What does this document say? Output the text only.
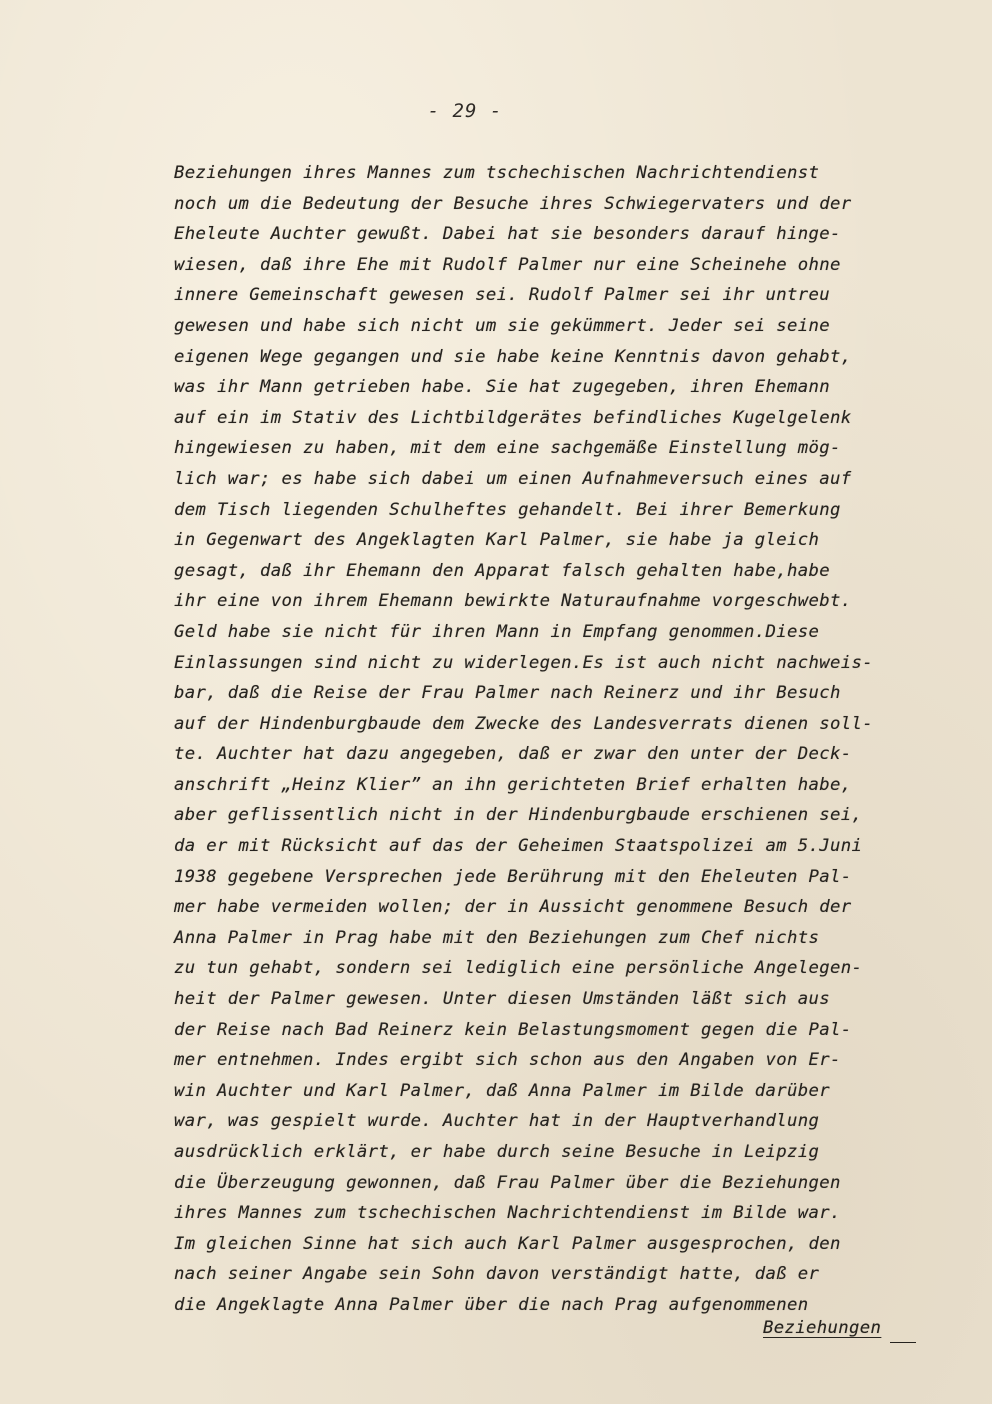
- 29 -
Beziehungen ihres Mannes zum tschechischen Nachrichtendienst
noch um die Bedeutung der Besuche ihres Schwiegervaters und der
Eheleute Auchter gewußt. Dabei hat sie besonders darauf hinge-
wiesen, daß ihre Ehe mit Rudolf Palmer nur eine Scheinehe ohne
innere Gemeinschaft gewesen sei. Rudolf Palmer sei ihr untreu
gewesen und habe sich nicht um sie gekümmert. Jeder sei seine
eigenen Wege gegangen und sie habe keine Kenntnis davon gehabt,
was ihr Mann getrieben habe. Sie hat zugegeben, ihren Ehemann
auf ein im Stativ des Lichtbildgerätes befindliches Kugelgelenk
hingewiesen zu haben, mit dem eine sachgemäße Einstellung mög-
lich war; es habe sich dabei um einen Aufnahmeversuch eines auf
dem Tisch liegenden Schulheftes gehandelt. Bei ihrer Bemerkung
in Gegenwart des Angeklagten Karl Palmer, sie habe ja gleich
gesagt, daß ihr Ehemann den Apparat falsch gehalten habe,habe
ihr eine von ihrem Ehemann bewirkte Naturaufnahme vorgeschwebt.
Geld habe sie nicht für ihren Mann in Empfang genommen.Diese
Einlassungen sind nicht zu widerlegen.Es ist auch nicht nachweis-
bar, daß die Reise der Frau Palmer nach Reinerz und ihr Besuch
auf der Hindenburgbaude dem Zwecke des Landesverrats dienen soll-
te. Auchter hat dazu angegeben, daß er zwar den unter der Deck-
anschrift „Heinz Klier” an ihn gerichteten Brief erhalten habe,
aber geflissentlich nicht in der Hindenburgbaude erschienen sei,
da er mit Rücksicht auf das der Geheimen Staatspolizei am 5.Juni
1938 gegebene Versprechen jede Berührung mit den Eheleuten Pal-
mer habe vermeiden wollen; der in Aussicht genommene Besuch der
Anna Palmer in Prag habe mit den Beziehungen zum Chef nichts
zu tun gehabt, sondern sei lediglich eine persönliche Angelegen-
heit der Palmer gewesen. Unter diesen Umständen läßt sich aus
der Reise nach Bad Reinerz kein Belastungsmoment gegen die Pal-
mer entnehmen. Indes ergibt sich schon aus den Angaben von Er-
win Auchter und Karl Palmer, daß Anna Palmer im Bilde darüber
war, was gespielt wurde. Auchter hat in der Hauptverhandlung
ausdrücklich erklärt, er habe durch seine Besuche in Leipzig
die Überzeugung gewonnen, daß Frau Palmer über die Beziehungen
ihres Mannes zum tschechischen Nachrichtendienst im Bilde war.
Im gleichen Sinne hat sich auch Karl Palmer ausgesprochen, den
nach seiner Angabe sein Sohn davon verständigt hatte, daß er
die Angeklagte Anna Palmer über die nach Prag aufgenommenen
Beziehungen
